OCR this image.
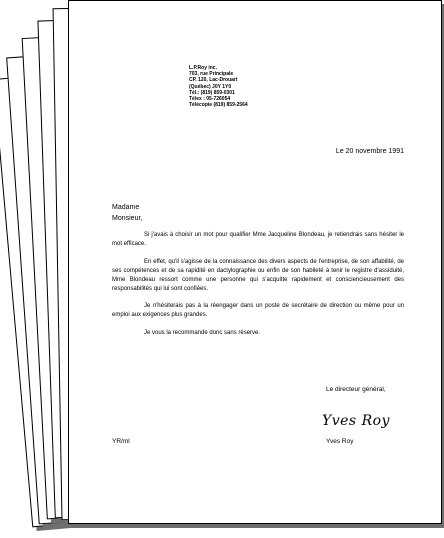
L.P.Roy inc.
703, rue Principale
CP. 120, Lac-Drouart
(Québec) J0Y 1Y0
Tél.: (819) 859-0301
Télex : 05-726054
Télécopie (819) 859-2564
Le 20 novembre 1991
Madame
Monsieur,

Si j'avais à choisir un mot pour qualifier Mme Jacqueline Blondeau, je retiendrais sans hésiter le mot efficace.

En effet, qu'il s'agisse de la connaissance des divers aspects de l'entreprise, de son affabilité, de ses compétences et de sa rapidité en dactylographie ou enfin de son habileté à tenir le registre d'assiduité, Mme Blondeau ressort comme une personne qui s'acquitte rapidement et consciencieusement des responsabilités qui lui sont confiées.

Je n'hésiterais pas à la réengager dans un poste de secrétaire de direction ou même pour un emploi aux exigences plus grandes.

Je vous la recommande donc sans réserve.

Le directeur général,
Yves Roy
Yves Roy
YR/ml
